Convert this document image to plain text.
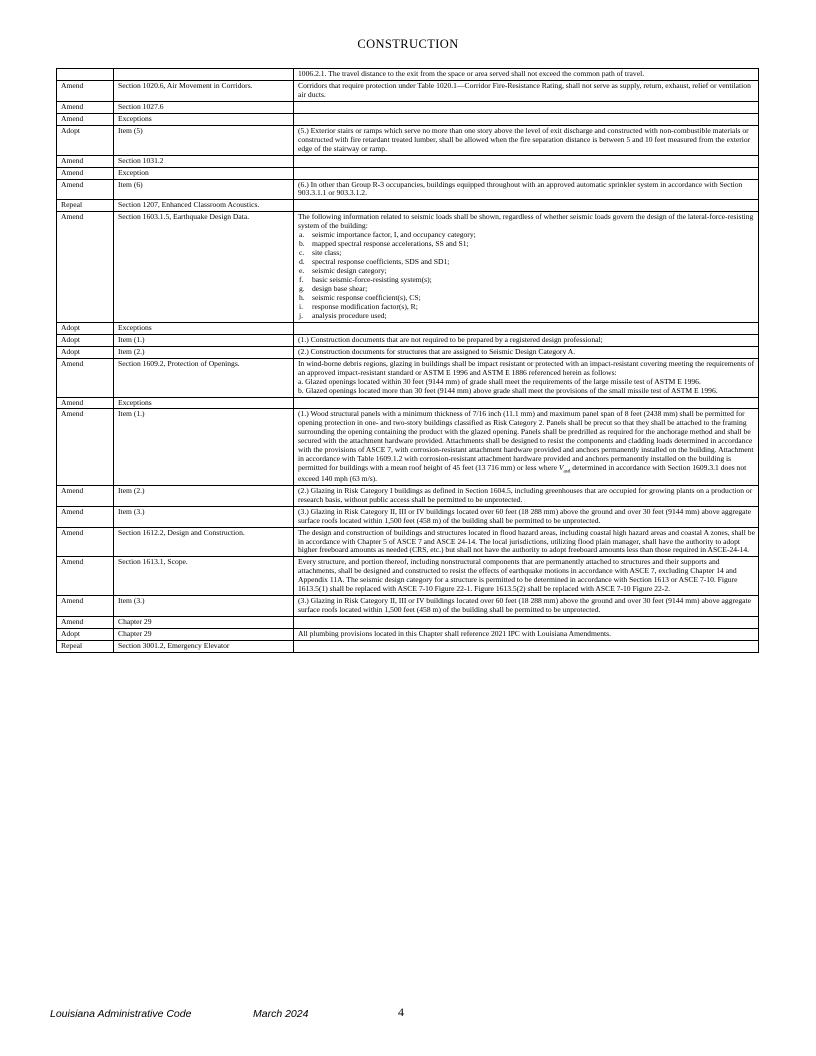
CONSTRUCTION

		1006.2.1. The travel distance to the exit from the space or area served shall not exceed the common path of travel.

Amend	Section 1020.6, Air Movement in Corridors.	Corridors that require protection under Table 1020.1—Corridor Fire-Resistance Rating, shall not serve as supply, return, exhaust, relief or ventilation air ducts.

Amend	Section 1027.6	
Amend	Exceptions	
Adopt	Item (5)	(5.) Exterior stairs or ramps which serve no more than one story above the level of exit discharge and constructed with non-combustible materials or constructed with fire retardant treated lumber, shall be allowed when the fire separation distance is between 5 and 10 feet measured from the exterior edge of the stairway or ramp.

Amend	Section 1031.2	
Amend	Exception	
Amend	Item (6)	(6.) In other than Group R-3 occupancies, buildings equipped throughout with an approved automatic sprinkler system in accordance with Section 903.3.1.1 or 903.3.1.2.

Repeal	Section 1207, Enhanced Classroom Acoustics.	
Amend	Section 1603.1.5, Earthquake Design Data.	The following information related to seismic loads shall be shown, regardless of whether seismic loads govern the design of the lateral-force-resisting system of the building:

a. seismic importance factor, I, and occupancy category;
b. mapped spectral response accelerations, SS and S1;
c. site class;
d. spectral response coefficients, SDS and SD1;
e. seismic design category;
f. basic seismic-force-resisting system(s);
g. design base shear;
h. seismic response coefficient(s), CS;
i. response modification factor(s), R;
j. analysis procedure used;

Adopt	Exceptions	
Adopt	Item (1.)	(1.) Construction documents that are not required to be prepared by a registered design professional;

Adopt	Item (2.)	(2.) Construction documents for structures that are assigned to Seismic Design Category A.

Amend	Section 1609.2, Protection of Openings.	In wind-borne debris regions, glazing in buildings shall be impact resistant or protected with an impact-resistant covering meeting the requirements of an approved impact-resistant standard or ASTM E 1996 and ASTM E 1886 referenced herein as follows:

a. Glazed openings located within 30 feet (9144 mm) of grade shall meet the requirements of the large missile test of ASTM E 1996.

b. Glazed openings located more than 30 feet (9144 mm) above grade shall meet the provisions of the small missile test of ASTM E 1996.

Amend	Exceptions	
Amend	Item (1.)	(1.) Wood structural panels with a minimum thickness of 7/16 inch (11.1 mm) and maximum panel span of 8 feet (2438 mm) shall be permitted for opening protection in one- and two-story buildings classified as Risk Category 2. Panels shall be precut so that they shall be attached to the framing surrounding the opening containing the product with the glazed opening. Panels shall be predrilled as required for the anchorage method and shall be secured with the attachment hardware provided. Attachments shall be designed to resist the components and cladding loads determined in accordance with the provisions of ASCE 7, with corrosion-resistant attachment hardware provided and anchors permanently installed on the building. Attachment in accordance with Table 1609.1.2 with corrosion-resistant attachment hardware provided and anchors permanently installed on the building is permitted for buildings with a mean roof height of 45 feet (13 716 mm) or less where $V_{asd}$ determined in accordance with Section 1609.3.1 does not exceed 140 mph (63 m/s).

Amend	Item (2.)	(2.) Glazing in Risk Category I buildings as defined in Section 1604.5, including greenhouses that are occupied for growing plants on a production or research basis, without public access shall be permitted to be unprotected.

Amend	Item (3.)	(3.) Glazing in Risk Category II, III or IV buildings located over 60 feet (18 288 mm) above the ground and over 30 feet (9144 mm) above aggregate surface roofs located within 1,500 feet (458 m) of the building shall be permitted to be unprotected.

Amend	Section 1612.2, Design and Construction.	The design and construction of buildings and structures located in flood hazard areas, including coastal high hazard areas and coastal A zones, shall be in accordance with Chapter 5 of ASCE 7 and ASCE 24-14. The local jurisdictions, utilizing flood plain manager, shall have the authority to adopt higher freeboard amounts as needed (CRS, etc.) but shall not have the authority to adopt freeboard amounts less than those required in ASCE-24-14.

Amend	Section 1613.1, Scope.	Every structure, and portion thereof, including nonstructural components that are permanently attached to structures and their supports and attachments, shall be designed and constructed to resist the effects of earthquake motions in accordance with ASCE 7, excluding Chapter 14 and Appendix 11A. The seismic design category for a structure is permitted to be determined in accordance with Section 1613 or ASCE 7-10. Figure 1613.5(1) shall be replaced with ASCE 7-10 Figure 22-1. Figure 1613.5(2) shall be replaced with ASCE 7-10 Figure 22-2.

Amend	Item (3.)	(3.) Glazing in Risk Category II, III or IV buildings located over 60 feet (18 288 mm) above the ground and over 30 feet (9144 mm) above aggregate surface roofs located within 1,500 feet (458 m) of the building shall be permitted to be unprotected.

Amend	Chapter 29	
Adopt	Chapter 29	All plumbing provisions located in this Chapter shall reference 2021 IPC with Louisiana Amendments.

Repeal	Section 3001.2, Emergency Elevator	
Louisiana Administrative Code	March 2024	4
